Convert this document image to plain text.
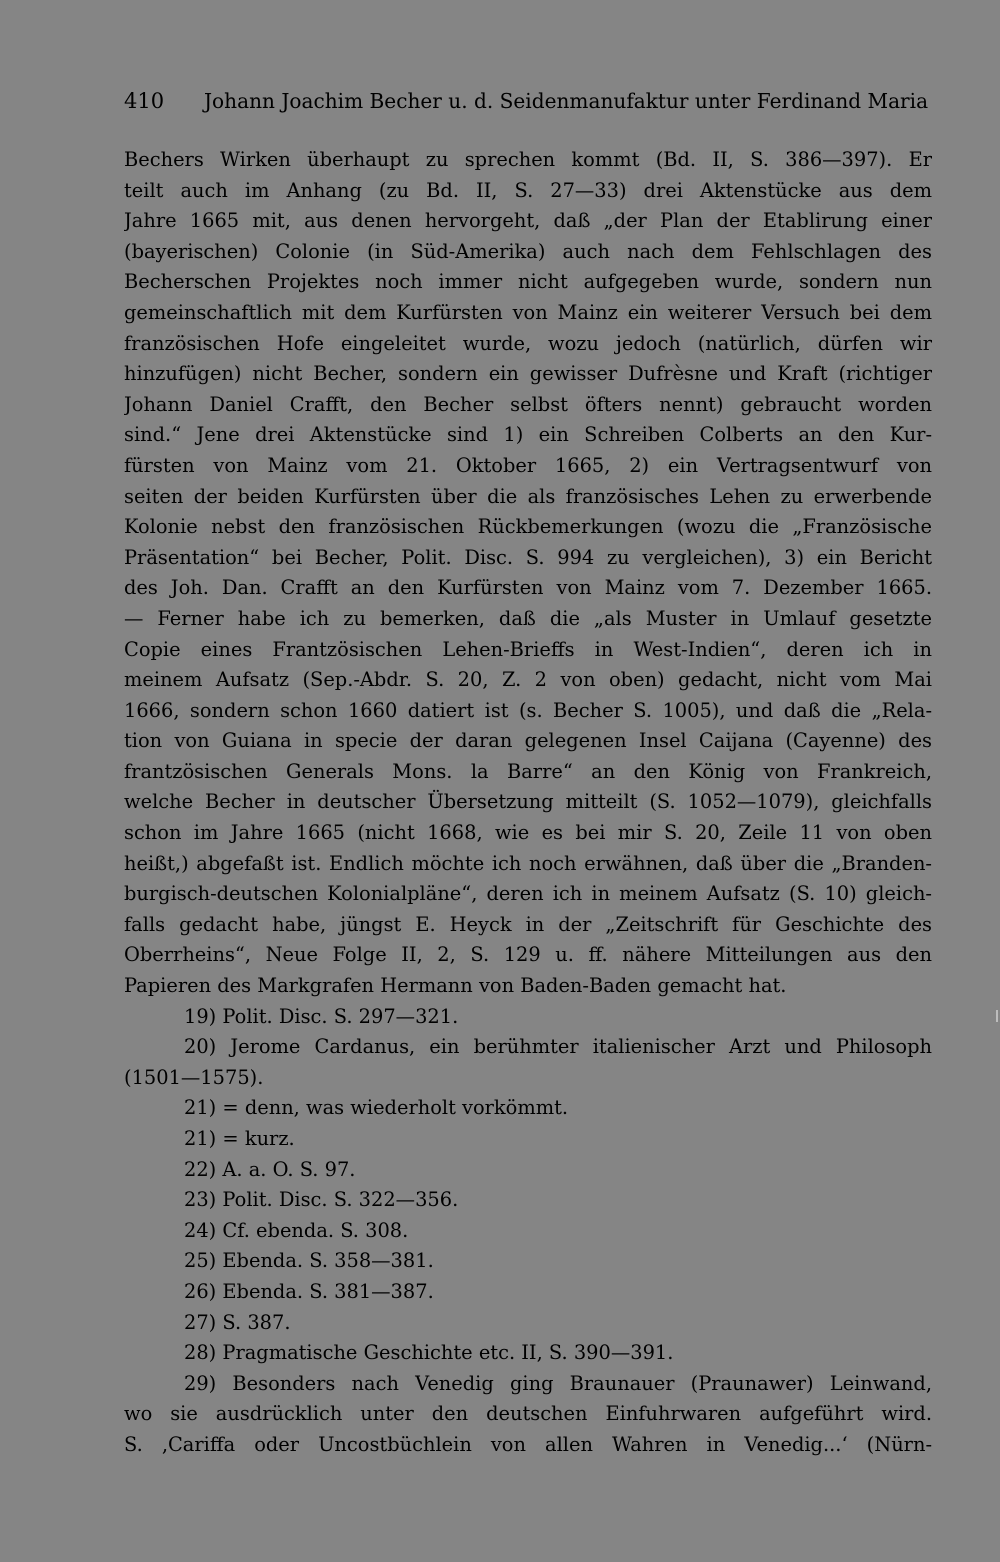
410 Johann Joachim Becher u. d. Seidenmanufaktur unter Ferdinand Maria
Bechers Wirken überhaupt zu sprechen kommt (Bd. II, S. 386—397). Er
teilt auch im Anhang (zu Bd. II, S. 27—33) drei Aktenstücke aus dem
Jahre 1665 mit, aus denen hervorgeht, daß „der Plan der Etablirung einer
(bayerischen) Colonie (in Süd-Amerika) auch nach dem Fehlschlagen des
Becherschen Projektes noch immer nicht aufgegeben wurde, sondern nun
gemeinschaftlich mit dem Kurfürsten von Mainz ein weiterer Versuch bei dem
französischen Hofe eingeleitet wurde, wozu jedoch (natürlich, dürfen wir
hinzufügen) nicht Becher, sondern ein gewisser Dufrèsne und Kraft (richtiger
Johann Daniel Crafft, den Becher selbst öfters nennt) gebraucht worden
sind.“ Jene drei Aktenstücke sind 1) ein Schreiben Colberts an den Kur-
fürsten von Mainz vom 21. Oktober 1665, 2) ein Vertragsentwurf von
seiten der beiden Kurfürsten über die als französisches Lehen zu erwerbende
Kolonie nebst den französischen Rückbemerkungen (wozu die „Französische
Präsentation“ bei Becher, Polit. Disc. S. 994 zu vergleichen), 3) ein Bericht
des Joh. Dan. Crafft an den Kurfürsten von Mainz vom 7. Dezember 1665.
— Ferner habe ich zu bemerken, daß die „als Muster in Umlauf gesetzte
Copie eines Frantzösischen Lehen-Brieffs in West-Indien“, deren ich in
meinem Aufsatz (Sep.-Abdr. S. 20, Z. 2 von oben) gedacht, nicht vom Mai
1666, sondern schon 1660 datiert ist (s. Becher S. 1005), und daß die „Rela-
tion von Guiana in specie der daran gelegenen Insel Caijana (Cayenne) des
frantzösischen Generals Mons. la Barre“ an den König von Frankreich,
welche Becher in deutscher Übersetzung mitteilt (S. 1052—1079), gleichfalls
schon im Jahre 1665 (nicht 1668, wie es bei mir S. 20, Zeile 11 von oben
heißt,) abgefaßt ist. Endlich möchte ich noch erwähnen, daß über die „Branden-
burgisch-deutschen Kolonialpläne“, deren ich in meinem Aufsatz (S. 10) gleich-
falls gedacht habe, jüngst E. Heyck in der „Zeitschrift für Geschichte des
Oberrheins“, Neue Folge II, 2, S. 129 u. ff. nähere Mitteilungen aus den
Papieren des Markgrafen Hermann von Baden-Baden gemacht hat.
19) Polit. Disc. S. 297—321.
20) Jerome Cardanus, ein berühmter italienischer Arzt und Philosoph
(1501—1575).
21) = denn, was wiederholt vorkömmt.
21) = kurz.
22) A. a. O. S. 97.
23) Polit. Disc. S. 322—356.
24) Cf. ebenda. S. 308.
25) Ebenda. S. 358—381.
26) Ebenda. S. 381—387.
27) S. 387.
28) Pragmatische Geschichte etc. II, S. 390—391.
29) Besonders nach Venedig ging Braunauer (Praunawer) Leinwand,
wo sie ausdrücklich unter den deutschen Einfuhrwaren aufgeführt wird.
S. ‚Cariffa oder Uncostbüchlein von allen Wahren in Venedig...‘ (Nürn-
